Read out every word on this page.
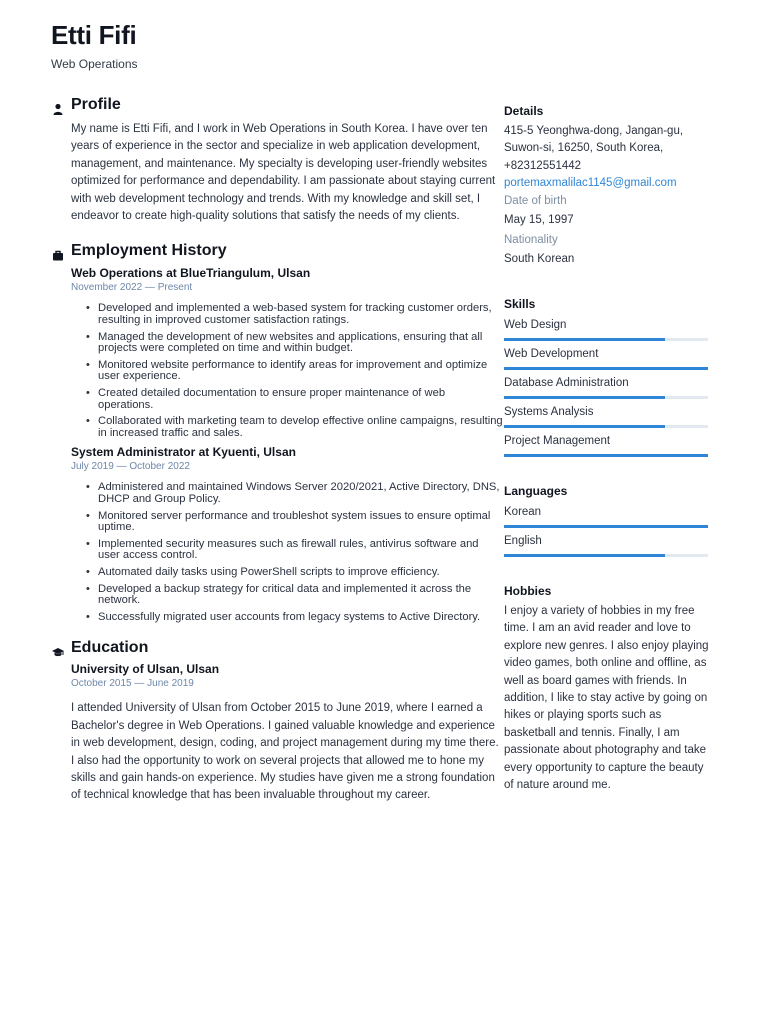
Etti Fifi
Web Operations
Profile
My name is Etti Fifi, and I work in Web Operations in South Korea. I have over ten years of experience in the sector and specialize in web application development, management, and maintenance. My specialty is developing user-friendly websites optimized for performance and dependability. I am passionate about staying current with web development technology and trends. With my knowledge and skill set, I endeavor to create high-quality solutions that satisfy the needs of my clients.
Employment History
Web Operations at BlueTriangulum, Ulsan
November 2022 — Present
• Developed and implemented a web-based system for tracking customer orders, resulting in improved customer satisfaction ratings.
• Managed the development of new websites and applications, ensuring that all projects were completed on time and within budget.
• Monitored website performance to identify areas for improvement and optimize user experience.
• Created detailed documentation to ensure proper maintenance of web operations.
• Collaborated with marketing team to develop effective online campaigns, resulting in increased traffic and sales.
System Administrator at Kyuenti, Ulsan
July 2019 — October 2022
• Administered and maintained Windows Server 2020/2021, Active Directory, DNS, DHCP and Group Policy.
• Monitored server performance and troubleshot system issues to ensure optimal uptime.
• Implemented security measures such as firewall rules, antivirus software and user access control.
• Automated daily tasks using PowerShell scripts to improve efficiency.
• Developed a backup strategy for critical data and implemented it across the network.
• Successfully migrated user accounts from legacy systems to Active Directory.
Education
University of Ulsan, Ulsan
October 2015 — June 2019
I attended University of Ulsan from October 2015 to June 2019, where I earned a Bachelor's degree in Web Operations. I gained valuable knowledge and experience in web development, design, coding, and project management during my time there. I also had the opportunity to work on several projects that allowed me to hone my skills and gain hands-on experience. My studies have given me a strong foundation of technical knowledge that has been invaluable throughout my career.
Details
415-5 Yeonghwa-dong, Jangan-gu, Suwon-si, 16250, South Korea,
+82312551442
portemaxmalilac1145@gmail.com
Date of birth
May 15, 1997
Nationality
South Korean
Skills
Web Design
Web Development
Database Administration
Systems Analysis
Project Management
Languages
Korean
English
Hobbies
I enjoy a variety of hobbies in my free time. I am an avid reader and love to explore new genres. I also enjoy playing video games, both online and offline, as well as board games with friends. In addition, I like to stay active by going on hikes or playing sports such as basketball and tennis. Finally, I am passionate about photography and take every opportunity to capture the beauty of nature around me.
